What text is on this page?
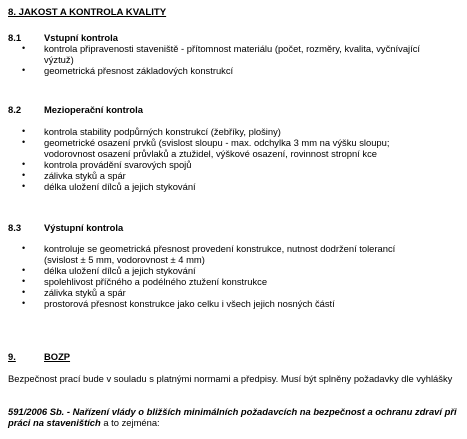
8. JAKOST A KONTROLA KVALITY
8.1 Vstupní kontrola
• kontrola připravenosti staveniště - přítomnost materiálu (počet, rozměry, kvalita, vyčnívající
výztuž)
• geometrická přesnost základových konstrukcí
8.2 Mezioperační kontrola
• kontrola stability podpůrných konstrukcí (žebříky, plošiny)
• geometrické osazení prvků (svislost sloupu - max. odchylka 3 mm na výšku sloupu;
vodorovnost osazení průvlaků a ztužidel, výškové osazení, rovinnost stropní kce
• kontrola provádění svarových spojů
• zálivka styků a spár
• délka uložení dílců a jejich stykování
8.3 Výstupní kontrola
• kontroluje se geometrická přesnost provedení konstrukce, nutnost dodržení tolerancí
(svislost ± 5 mm, vodorovnost ± 4 mm)
• délka uložení dílců a jejich stykování
• spolehlivost příčného a podélného ztužení konstrukce
• zálivka styků a spár
• prostorová přesnost konstrukce jako celku i všech jejich nosných částí
9.	BOZP
Bezpečnost prací bude v souladu s platnými normami a předpisy. Musí být splněny požadavky dle vyhlášky
591/2006 Sb. - Nařízení vlády o bližších minimálních požadavcích na bezpečnost a ochranu zdraví při práci na staveništích a to zejména:
